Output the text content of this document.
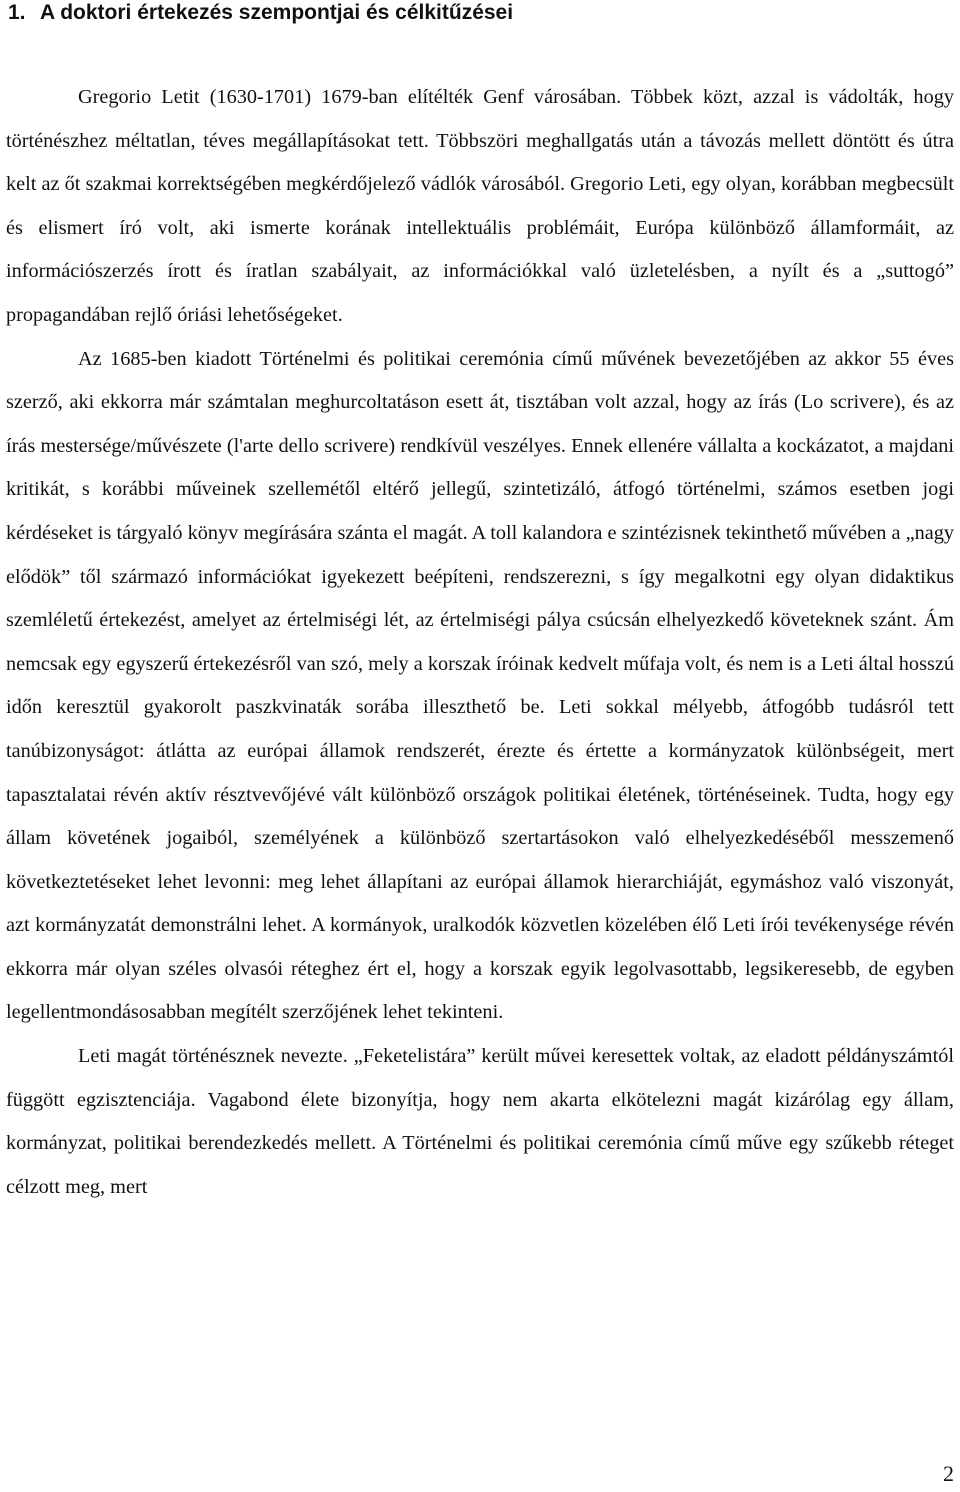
1. A doktori értekezés szempontjai és célkitűzései

Gregorio Letit (1630-1701) 1679-ban elítélték Genf városában. Többek közt, azzal is vádolták, hogy történészhez méltatlan, téves megállapításokat tett. Többszöri meghallgatás után a távozás mellett döntött és útra kelt az őt szakmai korrektségében megkérdőjelező vádlók városából. Gregorio Leti, egy olyan, korábban megbecsült és elismert író volt, aki ismerte korának intellektuális problémáit, Európa különböző államformáit, az információszerzés írott és íratlan szabályait, az információkkal való üzletelésben, a nyílt és a „suttogó” propagandában rejlő óriási lehetőségeket.

Az 1685-ben kiadott Történelmi és politikai ceremónia című művének bevezetőjében az akkor 55 éves szerző, aki ekkorra már számtalan meghurcoltatáson esett át, tisztában volt azzal, hogy az írás (Lo scrivere), és az írás mestersége/művészete (l'arte dello scrivere) rendkívül veszélyes. Ennek ellenére vállalta a kockázatot, a majdani kritikát, s korábbi műveinek szellemétől eltérő jellegű, szintetizáló, átfogó történelmi, számos esetben jogi kérdéseket is tárgyaló könyv megírására szánta el magát. A toll kalandora e szintézisnek tekinthető művében a „nagy elődök” től származó információkat igyekezett beépíteni, rendszerezni, s így megalkotni egy olyan didaktikus szemléletű értekezést, amelyet az értelmiségi lét, az értelmiségi pálya csúcsán elhelyezkedő követeknek szánt. Ám nemcsak egy egyszerű értekezésről van szó, mely a korszak íróinak kedvelt műfaja volt, és nem is a Leti által hosszú időn keresztül gyakorolt paszkvinaták sorába illeszthető be. Leti sokkal mélyebb, átfogóbb tudásról tett tanúbizonyságot: átlátta az európai államok rendszerét, érezte és értette a kormányzatok különbségeit, mert tapasztalatai révén aktív résztvevőjévé vált különböző országok politikai életének, történéseinek. Tudta, hogy egy állam követének jogaiból, személyének a különböző szertartásokon való elhelyezkedéséből messzemenő következtetéseket lehet levonni: meg lehet állapítani az európai államok hierarchiáját, egymáshoz való viszonyát, azt kormányzatát demonstrálni lehet. A kormányok, uralkodók közvetlen közelében élő Leti írói tevékenysége révén ekkorra már olyan széles olvasói réteghez ért el, hogy a korszak egyik legolvasottabb, legsikeresebb, de egyben legellentmondásosabban megítélt szerzőjének lehet tekinteni.

Leti magát történésznek nevezte. „Feketelistára” került művei keresettek voltak, az eladott példányszámtól függött egzisztenciája. Vagabond élete bizonyítja, hogy nem akarta elkötelezni magát kizárólag egy állam, kormányzat, politikai berendezkedés mellett. A Történelmi és politikai ceremónia című műve egy szűkebb réteget célzott meg, mert

2
